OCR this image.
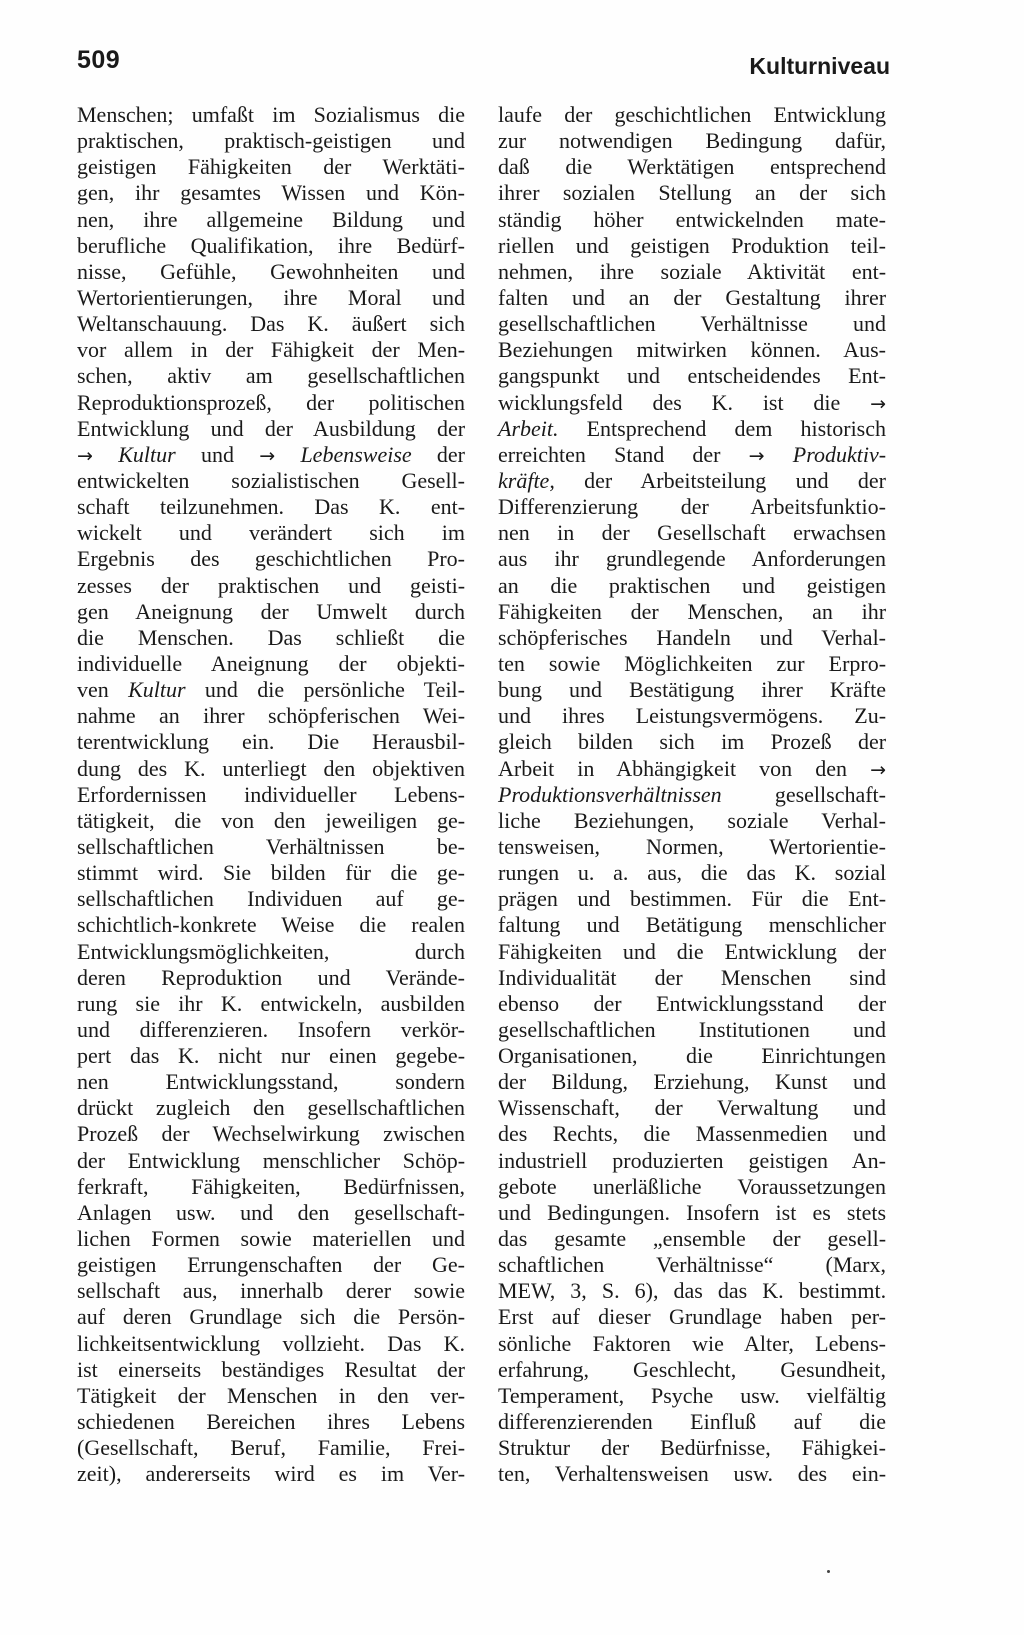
509	Kulturniveau
Menschen; umfaßt im Sozialismus die
praktischen, praktisch-geistigen und
geistigen Fähigkeiten der Werktäti-
gen, ihr gesamtes Wissen und Kön-
nen, ihre allgemeine Bildung und
berufliche Qualifikation, ihre Bedürf-
nisse, Gefühle, Gewohnheiten und
Wertorientierungen, ihre Moral und
Weltanschauung. Das K. äußert sich
vor allem in der Fähigkeit der Men-
schen, aktiv am gesellschaftlichen
Reproduktionsprozeß, der politischen
Entwicklung und der Ausbildung der
→ Kultur und → Lebensweise der
entwickelten sozialistischen Gesell-
schaft teilzunehmen. Das K. ent-
wickelt und verändert sich im
Ergebnis des geschichtlichen Pro-
zesses der praktischen und geisti-
gen Aneignung der Umwelt durch
die Menschen. Das schließt die
individuelle Aneignung der objekti-
ven Kultur und die persönliche Teil-
nahme an ihrer schöpferischen Wei-
terentwicklung ein. Die Herausbil-
dung des K. unterliegt den objektiven
Erfordernissen individueller Lebens-
tätigkeit, die von den jeweiligen ge-
sellschaftlichen Verhältnissen be-
stimmt wird. Sie bilden für die ge-
sellschaftlichen Individuen auf ge-
schichtlich-konkrete Weise die realen
Entwicklungsmöglichkeiten,	durch
deren Reproduktion und Verände-
rung sie ihr K. entwickeln, ausbilden
und differenzieren. Insofern verkör-
pert das K. nicht nur einen gegebe-
nen	Entwicklungsstand,	sondern
drückt zugleich den gesellschaftlichen
Prozeß der Wechselwirkung zwischen
der Entwicklung menschlicher Schöp-
ferkraft, Fähigkeiten, Bedürfnissen,
Anlagen usw. und den gesellschaft-
lichen Formen sowie materiellen und
geistigen Errungenschaften der Ge-
sellschaft aus, innerhalb derer sowie
auf deren Grundlage sich die Persön-
lichkeitsentwicklung vollzieht. Das K.
ist einerseits beständiges Resultat der
Tätigkeit der Menschen in den ver-
schiedenen Bereichen ihres Lebens
(Gesellschaft, Beruf, Familie, Frei-
zeit), andererseits wird es im Ver-
laufe der geschichtlichen Entwicklung
zur notwendigen Bedingung dafür,
daß die Werktätigen entsprechend
ihrer sozialen Stellung an der sich
ständig höher entwickelnden mate-
riellen und geistigen Produktion teil-
nehmen, ihre soziale Aktivität ent-
falten und an der Gestaltung ihrer
gesellschaftlichen Verhältnisse und
Beziehungen mitwirken können. Aus-
gangspunkt und entscheidendes Ent-
wicklungsfeld des K. ist die →
Arbeit. Entsprechend dem historisch
erreichten Stand der → Produktiv-
kräfte, der Arbeitsteilung und der
Differenzierung der Arbeitsfunktio-
nen in der Gesellschaft erwachsen
aus ihr grundlegende Anforderungen
an die praktischen und geistigen
Fähigkeiten der Menschen, an ihr
schöpferisches Handeln und Verhal-
ten sowie Möglichkeiten zur Erpro-
bung und Bestätigung ihrer Kräfte
und ihres Leistungsvermögens. Zu-
gleich bilden sich im Prozeß der
Arbeit in Abhängigkeit von den →
Produktionsverhältnissen gesellschaft-
liche Beziehungen, soziale Verhal-
tensweisen, Normen, Wertorientie-
rungen u. a. aus, die das K. sozial
prägen und bestimmen. Für die Ent-
faltung und Betätigung menschlicher
Fähigkeiten und die Entwicklung der
Individualität der Menschen sind
ebenso der Entwicklungsstand der
gesellschaftlichen Institutionen und
Organisationen, die Einrichtungen
der Bildung, Erziehung, Kunst und
Wissenschaft, der Verwaltung und
des Rechts, die Massenmedien und
industriell produzierten geistigen An-
gebote unerläßliche Voraussetzungen
und Bedingungen. Insofern ist es stets
das gesamte „ensemble der gesell-
schaftlichen Verhältnisse“ (Marx,
MEW, 3, S. 6), das das K. bestimmt.
Erst auf dieser Grundlage haben per-
sönliche Faktoren wie Alter, Lebens-
erfahrung, Geschlecht, Gesundheit,
Temperament, Psyche usw. vielfältig
differenzierenden Einfluß auf die
Struktur der Bedürfnisse, Fähigkei-
ten, Verhaltensweisen usw. des ein-
